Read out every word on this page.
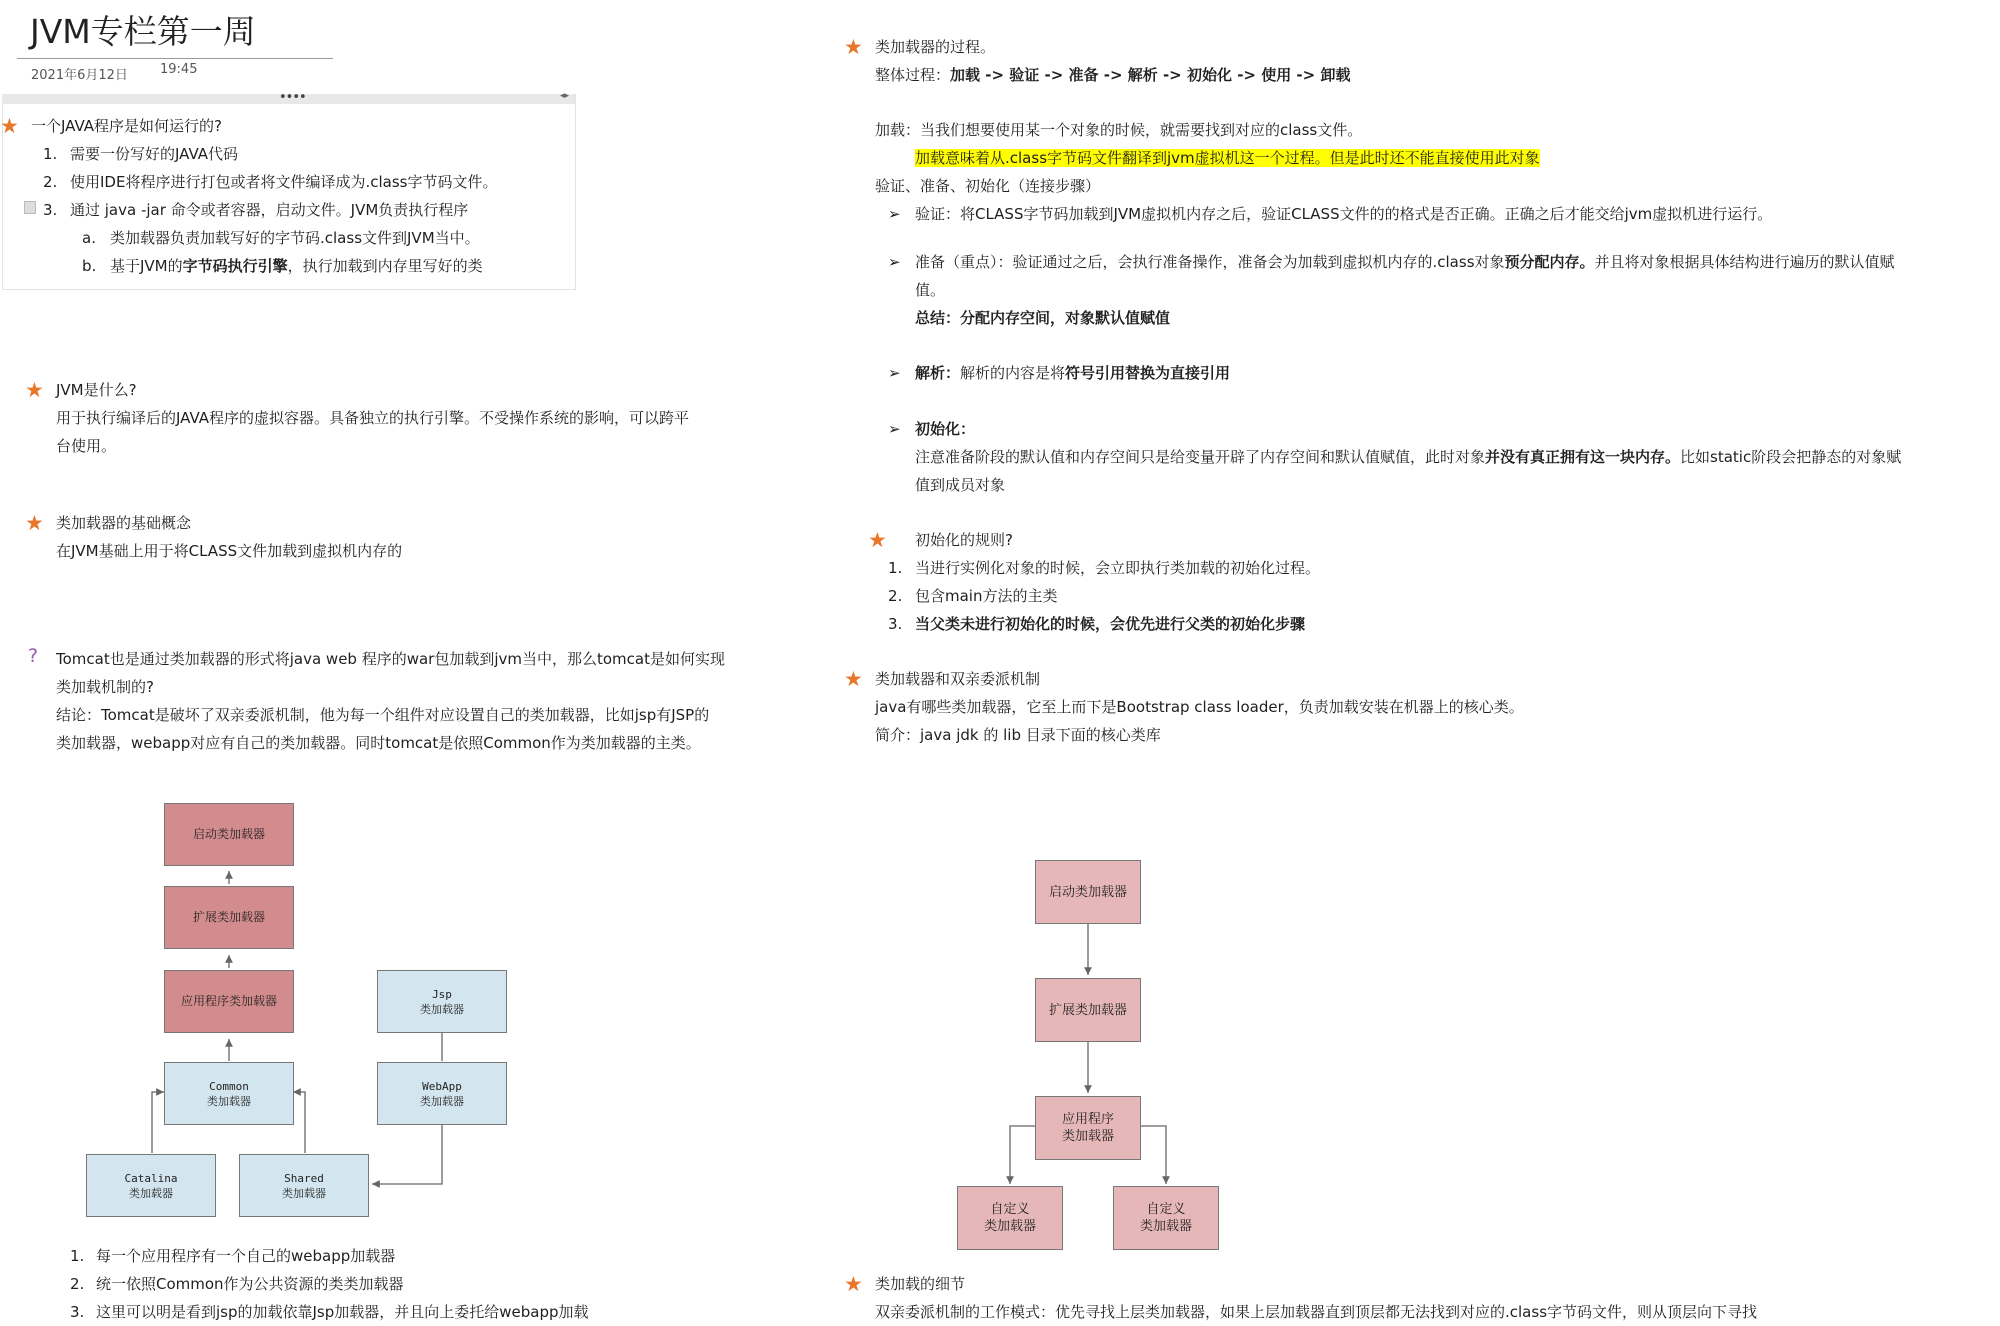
JVM专栏第一周
2021年6月12日 19:45
••••	◂▸
★ 一个JAVA程序是如何运行的?
1. 需要一份写好的JAVA代码
2. 使用IDE将程序进行打包或者将文件编译成为.class字节码文件。
3. 通过 java -jar 命令或者容器，启动文件。JVM负责执行程序
a. 类加载器负责加载写好的字节码.class文件到JVM当中。
b. 基于JVM的字节码执行引擎，执行加载到内存里写好的类
★ JVM是什么?
用于执行编译后的JAVA程序的虚拟容器。具备独立的执行引擎。不受操作系统的影响，可以跨平
台使用。
★ 类加载器的基础概念
在JVM基础上用于将CLASS文件加载到虚拟机内存的
? Tomcat也是通过类加载器的形式将java web 程序的war包加载到jvm当中，那么tomcat是如何实现
类加载机制的?
结论：Tomcat是破坏了双亲委派机制，他为每一个组件对应设置自己的类加载器，比如jsp有JSP的
类加载器，webapp对应有自己的类加载器。同时tomcat是依照Common作为类加载器的主类。
启动类加载器
扩展类加载器
应用程序类加载器	Jsp
类加载器
Common
类加载器
WebApp
类加载器
Catalina
类加载器
Shared
类加载器
1. 每一个应用程序有一个自己的webapp加载器
2. 统一依照Common作为公共资源的类类加载器
3. 这里可以明是看到jsp的加载依靠Jsp加载器，并且向上委托给webapp加载
★ 类加载器的过程。
整体过程：加载 -> 验证 -> 准备 -> 解析 -> 初始化 -> 使用 -> 卸载
加载：当我们想要使用某一个对象的时候，就需要找到对应的class文件。
加载意味着从.class字节码文件翻译到jvm虚拟机这一个过程。但是此时还不能直接使用此对象
验证、准备、初始化（连接步骤）
➢ 验证：将CLASS字节码加载到JVM虚拟机内存之后，验证CLASS文件的的格式是否正确。正确之后才能交给jvm虚拟机进行运行。
➢ 准备（重点）：验证通过之后，会执行准备操作，准备会为加载到虚拟机内存的.class对象预分配内存。并且将对象根据具体结构进行遍历的默认值赋
值。
总结：分配内存空间，对象默认值赋值
➢ 解析：解析的内容是将符号引用替换为直接引用
➢ 初始化：
注意准备阶段的默认值和内存空间只是给变量开辟了内存空间和默认值赋值，此时对象并没有真正拥有这一块内存。比如static阶段会把静态的对象赋
值到成员对象
★ 初始化的规则?
1. 当进行实例化对象的时候，会立即执行类加载的初始化过程。
2. 包含main方法的主类
3. 当父类未进行初始化的时候，会优先进行父类的初始化步骤
★ 类加载器和双亲委派机制
java有哪些类加载器，它至上而下是Bootstrap class loader，负责加载安装在机器上的核心类。
简介：java jdk 的 lib 目录下面的核心类库
启动类加载器
扩展类加载器
应用程序
类加载器
自定义
类加载器
自定义
类加载器
★ 类加载的细节
双亲委派机制的工作模式：优先寻找上层类加载器，如果上层加载器直到顶层都无法找到对应的.class字节码文件，则从顶层向下寻找
